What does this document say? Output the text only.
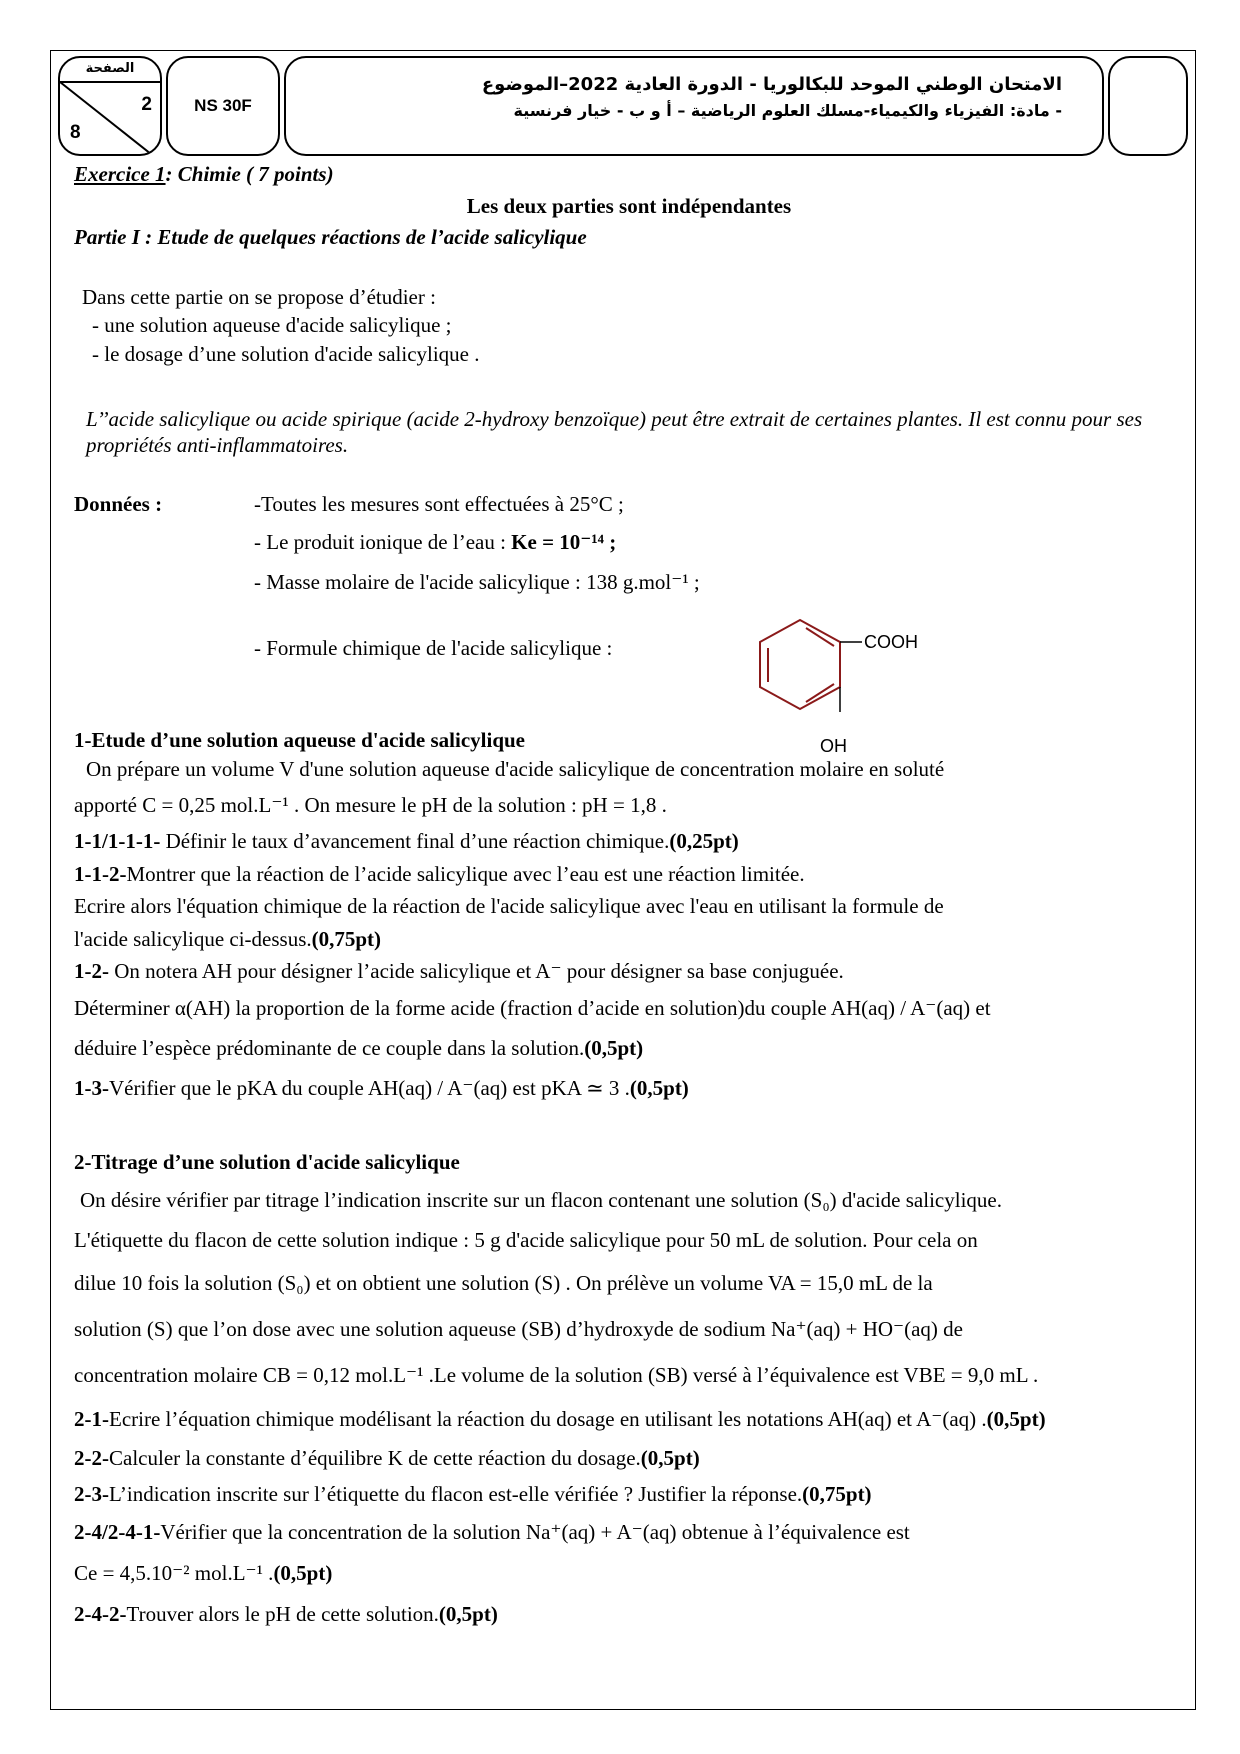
الصفحة
2
8
NS 30F
الامتحان الوطني الموحد للبكالوريا - الدورة العادية 2022–الموضوع
- مادة: الفيزياء والكيمياء-مسلك العلوم الرياضية – أ و ب - خيار فرنسية
Exercice 1: Chimie ( 7 points)
Les deux parties sont indépendantes
Partie I : Etude de quelques réactions de l’acide salicylique
Dans cette partie on se propose d’étudier :
- une solution aqueuse d'acide salicylique ;
- le dosage d’une solution d'acide salicylique .
L’’acide salicylique ou acide spirique (acide 2-hydroxy benzoïque) peut être extrait de certaines plantes. Il est connu pour ses propriétés anti-inflammatoires.
Données :	-Toutes les mesures sont effectuées à 25°C ;
- Le produit ionique de l’eau : Ke = 10⁻¹⁴ ;
- Masse molaire de l'acide salicylique : 138 g.mol⁻¹ ;
- Formule chimique de l'acide salicylique :	COOH
OH
1-Etude d’une solution aqueuse d'acide salicylique
On prépare un volume V d'une solution aqueuse d'acide salicylique de concentration molaire en soluté
apporté C = 0,25 mol.L⁻¹ . On mesure le pH de la solution : pH = 1,8 .
1-1/1-1-1- Définir le taux d’avancement final d’une réaction chimique.(0,25pt)
1-1-2-Montrer que la réaction de l’acide salicylique avec l’eau est une réaction limitée.
Ecrire alors l'équation chimique de la réaction de l'acide salicylique avec l'eau en utilisant la formule de
l'acide salicylique ci-dessus.(0,75pt)
1-2- On notera AH pour désigner l’acide salicylique et A⁻ pour désigner sa base conjuguée.
Déterminer α(AH) la proportion de la forme acide (fraction d’acide en solution)du couple AH(aq) / A⁻(aq) et
déduire l’espèce prédominante de ce couple dans la solution.(0,5pt)
1-3-Vérifier que le pKA du couple AH(aq) / A⁻(aq) est pKA ≃ 3 .(0,5pt)
2-Titrage d’une solution d'acide salicylique
On désire vérifier par titrage l’indication inscrite sur un flacon contenant une solution (S₀) d'acide salicylique.
L'étiquette du flacon de cette solution indique : 5 g d'acide salicylique pour 50 mL de solution. Pour cela on
dilue 10 fois la solution (S₀) et on obtient une solution (S) . On prélève un volume VA = 15,0 mL de la
solution (S) que l’on dose avec une solution aqueuse (SB) d’hydroxyde de sodium Na⁺(aq) + HO⁻(aq) de
concentration molaire CB = 0,12 mol.L⁻¹ .Le volume de la solution (SB) versé à l’équivalence est VBE = 9,0 mL .
2-1-Ecrire l’équation chimique modélisant la réaction du dosage en utilisant les notations AH(aq) et A⁻(aq) .(0,5pt)
2-2-Calculer la constante d’équilibre K de cette réaction du dosage.(0,5pt)
2-3-L’indication inscrite sur l’étiquette du flacon est-elle vérifiée ? Justifier la réponse.(0,75pt)
2-4/2-4-1-Vérifier que la concentration de la solution Na⁺(aq) + A⁻(aq) obtenue à l’équivalence est
Ce = 4,5.10⁻² mol.L⁻¹ .(0,5pt)
2-4-2-Trouver alors le pH de cette solution.(0,5pt)
